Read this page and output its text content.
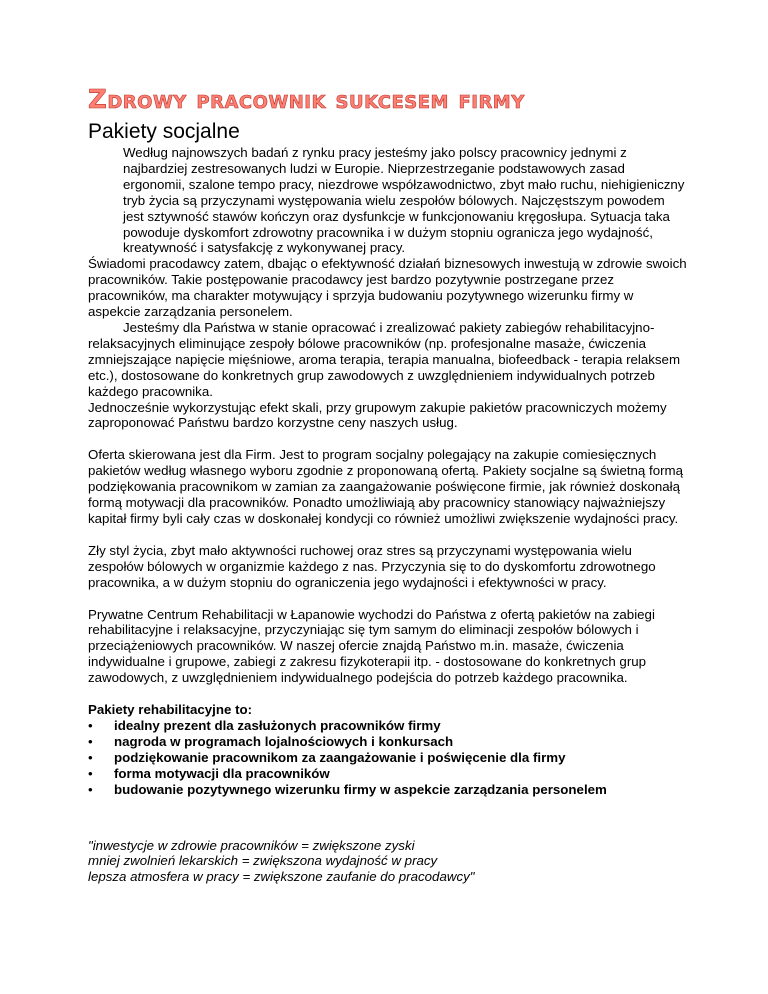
Zdrowy pracownik sukcesem firmy
Pakiety socjalne

Według najnowszych badań z rynku pracy jesteśmy jako polscy pracownicy jednymi z najbardziej zestresowanych ludzi w Europie. Nieprzestrzeganie podstawowych zasad ergonomii, szalone tempo pracy, niezdrowe współzawodnictwo, zbyt mało ruchu, niehigieniczny tryb życia są przyczynami występowania wielu zespołów bólowych. Najczęstszym powodem jest sztywność stawów kończyn oraz dysfunkcje w funkcjonowaniu kręgosłupa. Sytuacja taka powoduje dyskomfort zdrowotny pracownika i w dużym stopniu ogranicza jego wydajność, kreatywność i satysfakcję z wykonywanej pracy.

Świadomi pracodawcy zatem, dbając o efektywność działań biznesowych inwestują w zdrowie swoich pracowników. Takie postępowanie pracodawcy jest bardzo pozytywnie postrzegane przez pracowników, ma charakter motywujący i sprzyja budowaniu pozytywnego wizerunku firmy w aspekcie zarządzania personelem.

Jesteśmy dla Państwa w stanie opracować i zrealizować pakiety zabiegów rehabilitacyjno-relaksacyjnych eliminujące zespoły bólowe pracowników (np. profesjonalne masaże, ćwiczenia zmniejszające napięcie mięśniowe, aroma terapia, terapia manualna, biofeedback - terapia relaksem etc.), dostosowane do konkretnych grup zawodowych z uwzględnieniem indywidualnych potrzeb każdego pracownika.

Jednocześnie wykorzystując efekt skali, przy grupowym zakupie pakietów pracowniczych możemy zaproponować Państwu bardzo korzystne ceny naszych usług.

Oferta skierowana jest dla Firm. Jest to program socjalny polegający na zakupie comiesięcznych pakietów według własnego wyboru zgodnie z proponowaną ofertą. Pakiety socjalne są świetną formą podziękowania pracownikom w zamian za zaangażowanie poświęcone firmie, jak również doskonałą formą motywacji dla pracowników. Ponadto umożliwiają aby pracownicy stanowiący najważniejszy kapitał firmy byli cały czas w doskonałej kondycji co również umożliwi zwiększenie wydajności pracy.

Zły styl życia, zbyt mało aktywności ruchowej oraz stres są przyczynami występowania wielu zespołów bólowych w organizmie każdego z nas. Przyczynia się to do dyskomfortu zdrowotnego pracownika, a w dużym stopniu do ograniczenia jego wydajności i efektywności w pracy.

Prywatne Centrum Rehabilitacji w Łapanowie wychodzi do Państwa z ofertą pakietów na zabiegi rehabilitacyjne i relaksacyjne, przyczyniając się tym samym do eliminacji zespołów bólowych i przeciążeniowych pracowników. W naszej ofercie znajdą Państwo m.in. masaże, ćwiczenia indywidualne i grupowe, zabiegi z zakresu fizykoterapii itp. - dostosowane do konkretnych grup zawodowych, z uwzględnieniem indywidualnego podejścia do potrzeb każdego pracownika.

Pakiety rehabilitacyjne to:

•	idealny prezent dla zasłużonych pracowników firmy
•	nagroda w programach lojalnościowych i konkursach
•	podziękowanie pracownikom za zaangażowanie i poświęcenie dla firmy
•	forma motywacji dla pracowników
•	budowanie pozytywnego wizerunku firmy w aspekcie zarządzania personelem
"inwestycje w zdrowie pracowników = zwiększone zyski
mniej zwolnień lekarskich = zwiększona wydajność w pracy
lepsza atmosfera w pracy = zwiększone zaufanie do pracodawcy"
